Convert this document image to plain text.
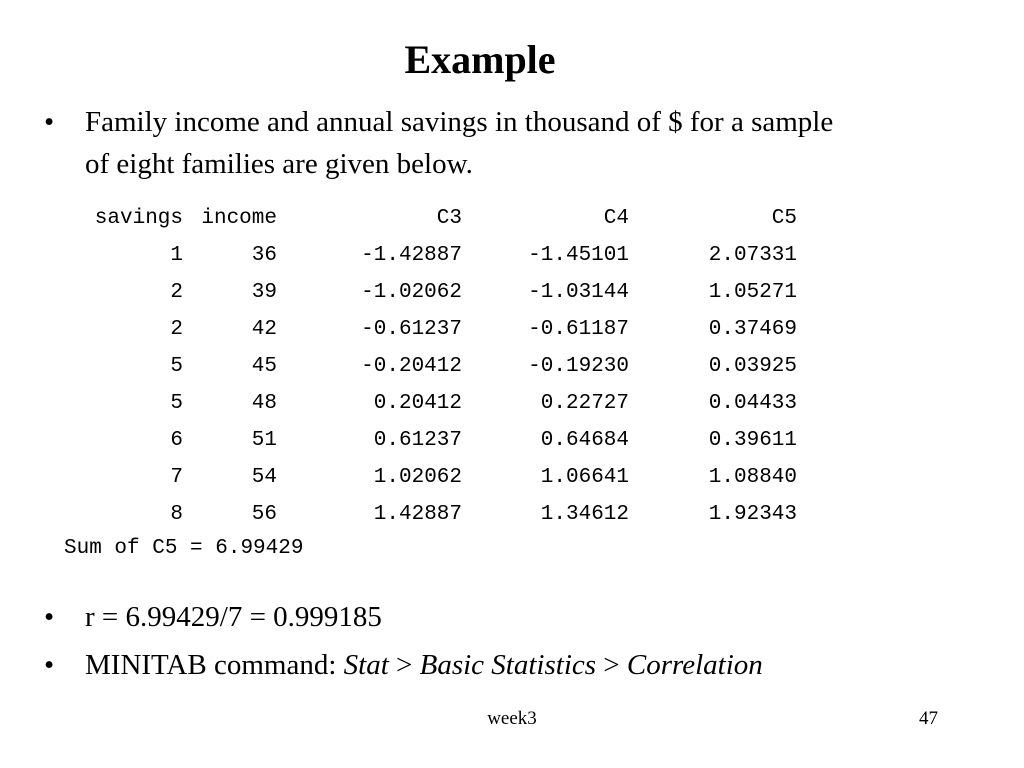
Example
•	Family income and annual savings in thousand of $ for a sample
of eight families are given below.
savings	income	C3	C4	C5
1	36	-1.42887	-1.45101	2.07331
2	39	-1.02062	-1.03144	1.05271
2	42	-0.61237	-0.61187	0.37469
5	45	-0.20412	-0.19230	0.03925
5	48	0.20412	0.22727	0.04433
6	51	0.61237	0.64684	0.39611
7	54	1.02062	1.06641	1.08840
8	56	1.42887	1.34612	1.92343
Sum of C5 = 6.99429
•	r = 6.99429/7 = 0.999185
•	MINITAB command: Stat > Basic Statistics > Correlation
week3	47
